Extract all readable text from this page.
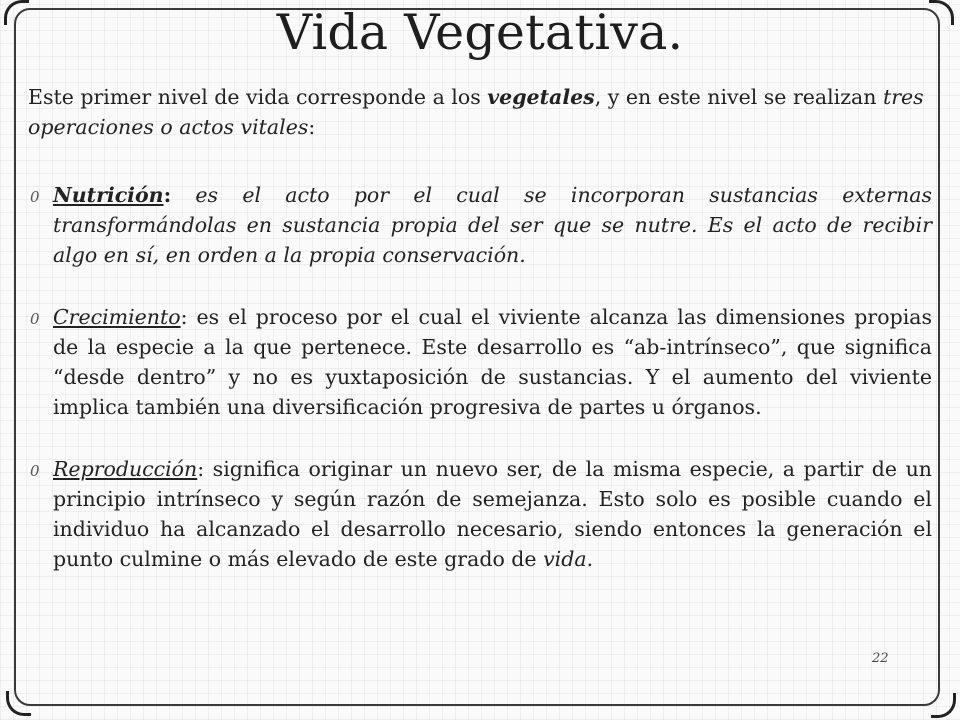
Vida Vegetativa.

Este primer nivel de vida corresponde a los vegetales, y en este nivel se realizan tres operaciones o actos vitales:

0 Nutrición: es el acto por el cual se incorporan sustancias externas transformándolas en sustancia propia del ser que se nutre. Es el acto de recibir algo en sí, en orden a la propia conservación.
0 Crecimiento: es el proceso por el cual el viviente alcanza las dimensiones propias de la especie a la que pertenece. Este desarrollo es “ab-intrínseco”, que significa “desde dentro” y no es yuxtaposición de sustancias. Y el aumento del viviente implica también una diversificación progresiva de partes u órganos.
0 Reproducción: significa originar un nuevo ser, de la misma especie, a partir de un principio intrínseco y según razón de semejanza. Esto solo es posible cuando el individuo ha alcanzado el desarrollo necesario, siendo entonces la generación el punto culmine o más elevado de este grado de vida.
22
